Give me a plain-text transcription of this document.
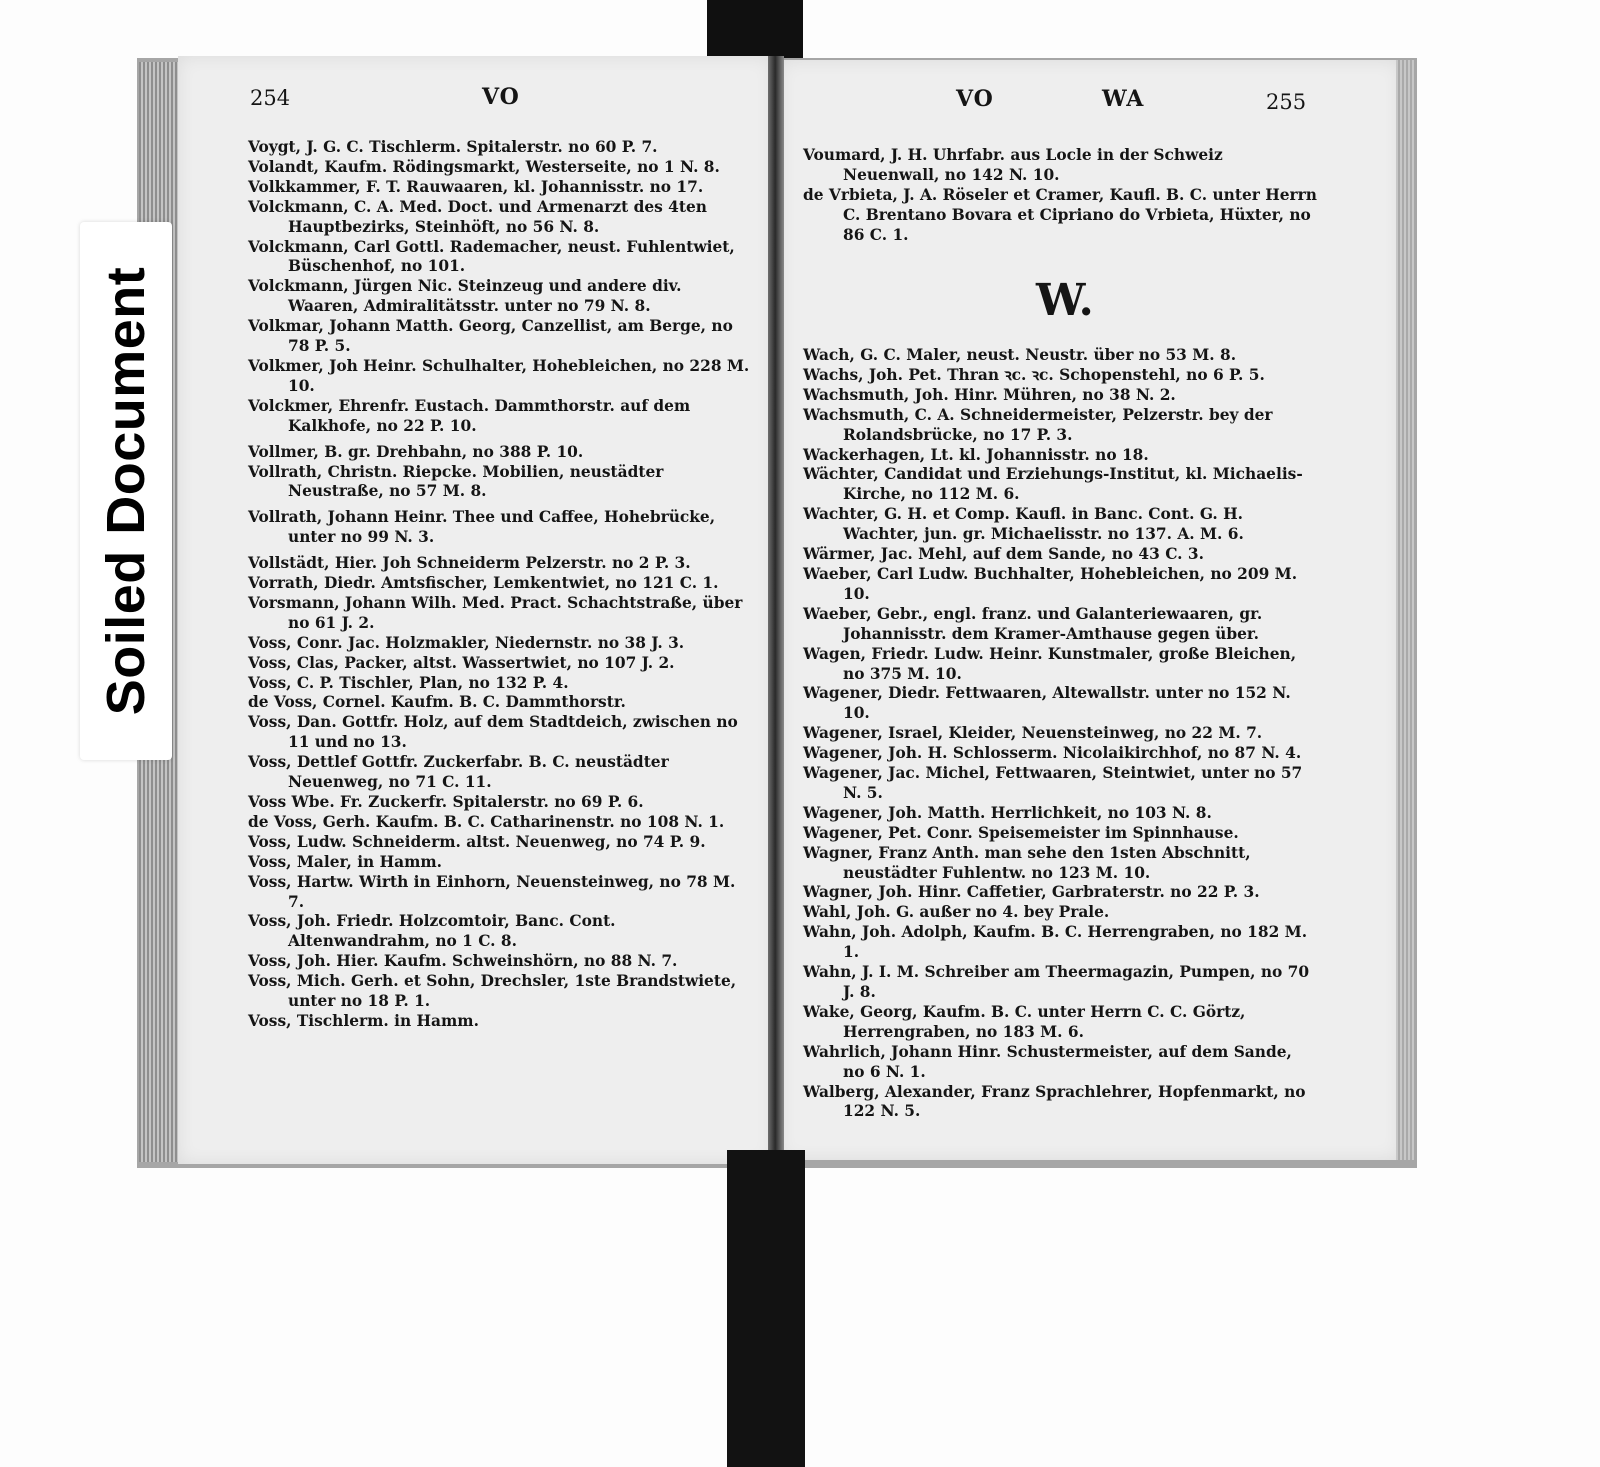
254	VO	VO	WA	255

Voygt, J. G. C. Tischlerm. Spitalerstr. no 60 P. 7.

Volandt, Kaufm. Rödingsmarkt, Westerseite, no 1 N. 8.

Volkkammer, F. T. Rauwaaren, kl. Johannisstr. no 17.

Volckmann, C. A. Med. Doct. und Armenarzt des 4ten Hauptbezirks, Steinhöft, no 56 N. 8.

Volckmann, Carl Gottl. Rademacher, neust. Fuhlentwiet, Büschenhof, no 101.

Volckmann, Jürgen Nic. Steinzeug und andere div. Waaren, Admiralitätsstr. unter no 79 N. 8.

Volkmar, Johann Matth. Georg, Canzellist, am Berge, no 78 P. 5.

Volkmer, Joh Heinr. Schulhalter, Hohebleichen, no 228 M. 10.

Volckmer, Ehrenfr. Eustach. Dammthorstr. auf dem Kalkhofe, no 22 P. 10.

Vollmer, B. gr. Drehbahn, no 388 P. 10.

Vollrath, Christn. Riepcke. Mobilien, neustädter Neustraße, no 57 M. 8.

Vollrath, Johann Heinr. Thee und Caffee, Hohebrücke, unter no 99 N. 3.

Vollstädt, Hier. Joh Schneiderm Pelzerstr. no 2 P. 3.

Vorrath, Diedr. Amtsfischer, Lemkentwiet, no 121 C. 1.

Vorsmann, Johann Wilh. Med. Pract. Schachtstraße, über no 61 J. 2.

Voss, Conr. Jac. Holzmakler, Niedernstr. no 38 J. 3.

Voss, Clas, Packer, altst. Wassertwiet, no 107 J. 2.

Voss, C. P. Tischler, Plan, no 132 P. 4.

de Voss, Cornel. Kaufm. B. C. Dammthorstr.

Voss, Dan. Gottfr. Holz, auf dem Stadtdeich, zwischen no 11 und no 13.

Voss, Dettlef Gottfr. Zuckerfabr. B. C. neustädter Neuenweg, no 71 C. 11.

Voss Wbe. Fr. Zuckerfr. Spitalerstr. no 69 P. 6.

de Voss, Gerh. Kaufm. B. C. Catharinenstr. no 108 N. 1.

Voss, Ludw. Schneiderm. altst. Neuenweg, no 74 P. 9.

Voss, Maler, in Hamm.

Voss, Hartw. Wirth in Einhorn, Neuensteinweg, no 78 M. 7.

Voss, Joh. Friedr. Holzcomtoir, Banc. Cont. Altenwandrahm, no 1 C. 8.

Voss, Joh. Hier. Kaufm. Schweinshörn, no 88 N. 7.

Voss, Mich. Gerh. et Sohn, Drechsler, 1ste Brandstwiete, unter no 18 P. 1.

Voss, Tischlerm. in Hamm.

Voumard, J. H. Uhrfabr. aus Locle in der Schweiz Neuenwall, no 142 N. 10.

de Vrbieta, J. A. Röseler et Cramer, Kaufl. B. C. unter Herrn C. Brentano Bovara et Cipriano do Vrbieta, Hüxter, no 86 C. 1.

W.

Wach, G. C. Maler, neust. Neustr. über no 53 M. 8.

Wachs, Joh. Pet. Thran ꝛc. ꝛc. Schopenstehl, no 6 P. 5.

Wachsmuth, Joh. Hinr. Mühren, no 38 N. 2.

Wachsmuth, C. A. Schneidermeister, Pelzerstr. bey der Rolandsbrücke, no 17 P. 3.

Wackerhagen, Lt. kl. Johannisstr. no 18.

Wächter, Candidat und Erziehungs-Institut, kl. Michaelis-Kirche, no 112 M. 6.

Wachter, G. H. et Comp. Kaufl. in Banc. Cont. G. H. Wachter, jun. gr. Michaelisstr. no 137. A. M. 6.

Wärmer, Jac. Mehl, auf dem Sande, no 43 C. 3.

Waeber, Carl Ludw. Buchhalter, Hohebleichen, no 209 M. 10.

Waeber, Gebr., engl. franz. und Galanteriewaaren, gr. Johannisstr. dem Kramer-Amthause gegen über.

Wagen, Friedr. Ludw. Heinr. Kunstmaler, große Bleichen, no 375 M. 10.

Wagener, Diedr. Fettwaaren, Altewallstr. unter no 152 N. 10.

Wagener, Israel, Kleider, Neuensteinweg, no 22 M. 7.

Wagener, Joh. H. Schlosserm. Nicolaikirchhof, no 87 N. 4.

Wagener, Jac. Michel, Fettwaaren, Steintwiet, unter no 57 N. 5.

Wagener, Joh. Matth. Herrlichkeit, no 103 N. 8.

Wagener, Pet. Conr. Speisemeister im Spinnhause.

Wagner, Franz Anth. man sehe den 1sten Abschnitt, neustädter Fuhlentw. no 123 M. 10.

Wagner, Joh. Hinr. Caffetier, Garbraterstr. no 22 P. 3.

Wahl, Joh. G. außer no 4. bey Prale.

Wahn, Joh. Adolph, Kaufm. B. C. Herrengraben, no 182 M. 1.

Wahn, J. I. M. Schreiber am Theermagazin, Pumpen, no 70 J. 8.

Wake, Georg, Kaufm. B. C. unter Herrn C. C. Görtz, Herrengraben, no 183 M. 6.

Wahrlich, Johann Hinr. Schustermeister, auf dem Sande, no 6 N. 1.

Walberg, Alexander, Franz Sprachlehrer, Hopfenmarkt, no 122 N. 5.

Soiled Document
